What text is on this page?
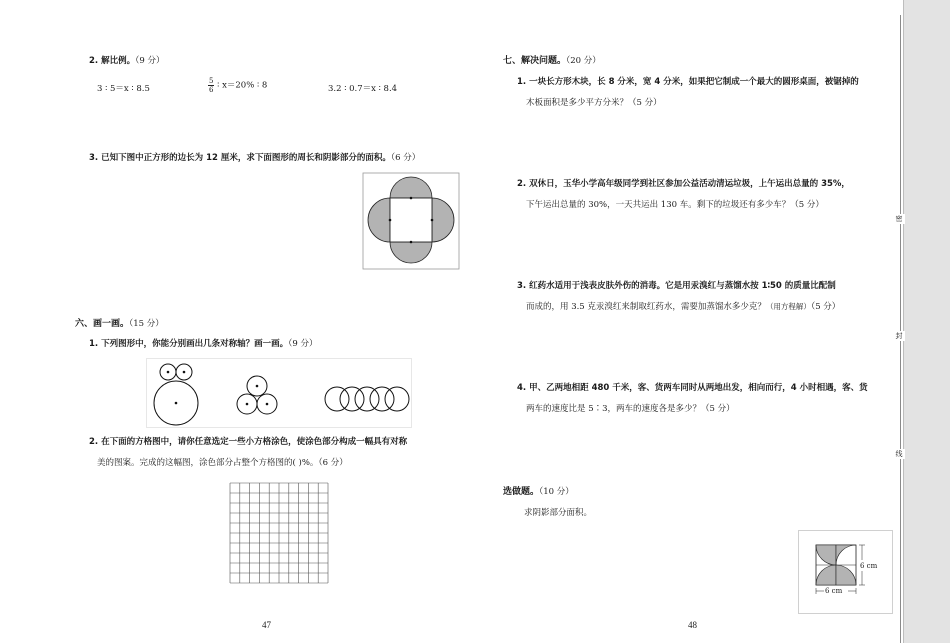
2. 解比例。（9 分）
3 ∶ 5＝x ∶ 8.5	$\frac{5}{6}$ ∶ x＝20% ∶ 8	3.2 ∶ 0.7＝x ∶ 8.4
3. 已知下图中正方形的边长为 12 厘米，求下面图形的周长和阴影部分的面积。（6 分）
六、画一画。（15 分）
1. 下列图形中，你能分别画出几条对称轴？画一画。（9 分）
2. 在下面的方格图中，请你任意选定一些小方格涂色，使涂色部分构成一幅具有对称
美的图案。完成的这幅图，涂色部分占整个方格图的( )%。（6 分）
47
七、解决问题。（20 分）
1. 一块长方形木块，长 8 分米，宽 4 分米，如果把它制成一个最大的圆形桌面，被锯掉的
木板面积是多少平方分米？（5 分）
2. 双休日，玉华小学高年级同学到社区参加公益活动清运垃圾，上午运出总量的 35%，
下午运出总量的 30%，一天共运出 130 车。剩下的垃圾还有多少车？（5 分）
3. 红药水适用于浅表皮肤外伤的消毒。它是用汞溴红与蒸馏水按 1∶50 的质量比配制
而成的，用 3.5 克汞溴红来制取红药水，需要加蒸馏水多少克？（用方程解）（5 分）
4. 甲、乙两地相距 480 千米，客、货两车同时从两地出发，相向而行，4 小时相遇，客、货
两车的速度比是 5∶3，两车的速度各是多少？（5 分）
选做题。（10 分）
求阴影部分面积。
6 cm
6 cm
48
密
封
线
